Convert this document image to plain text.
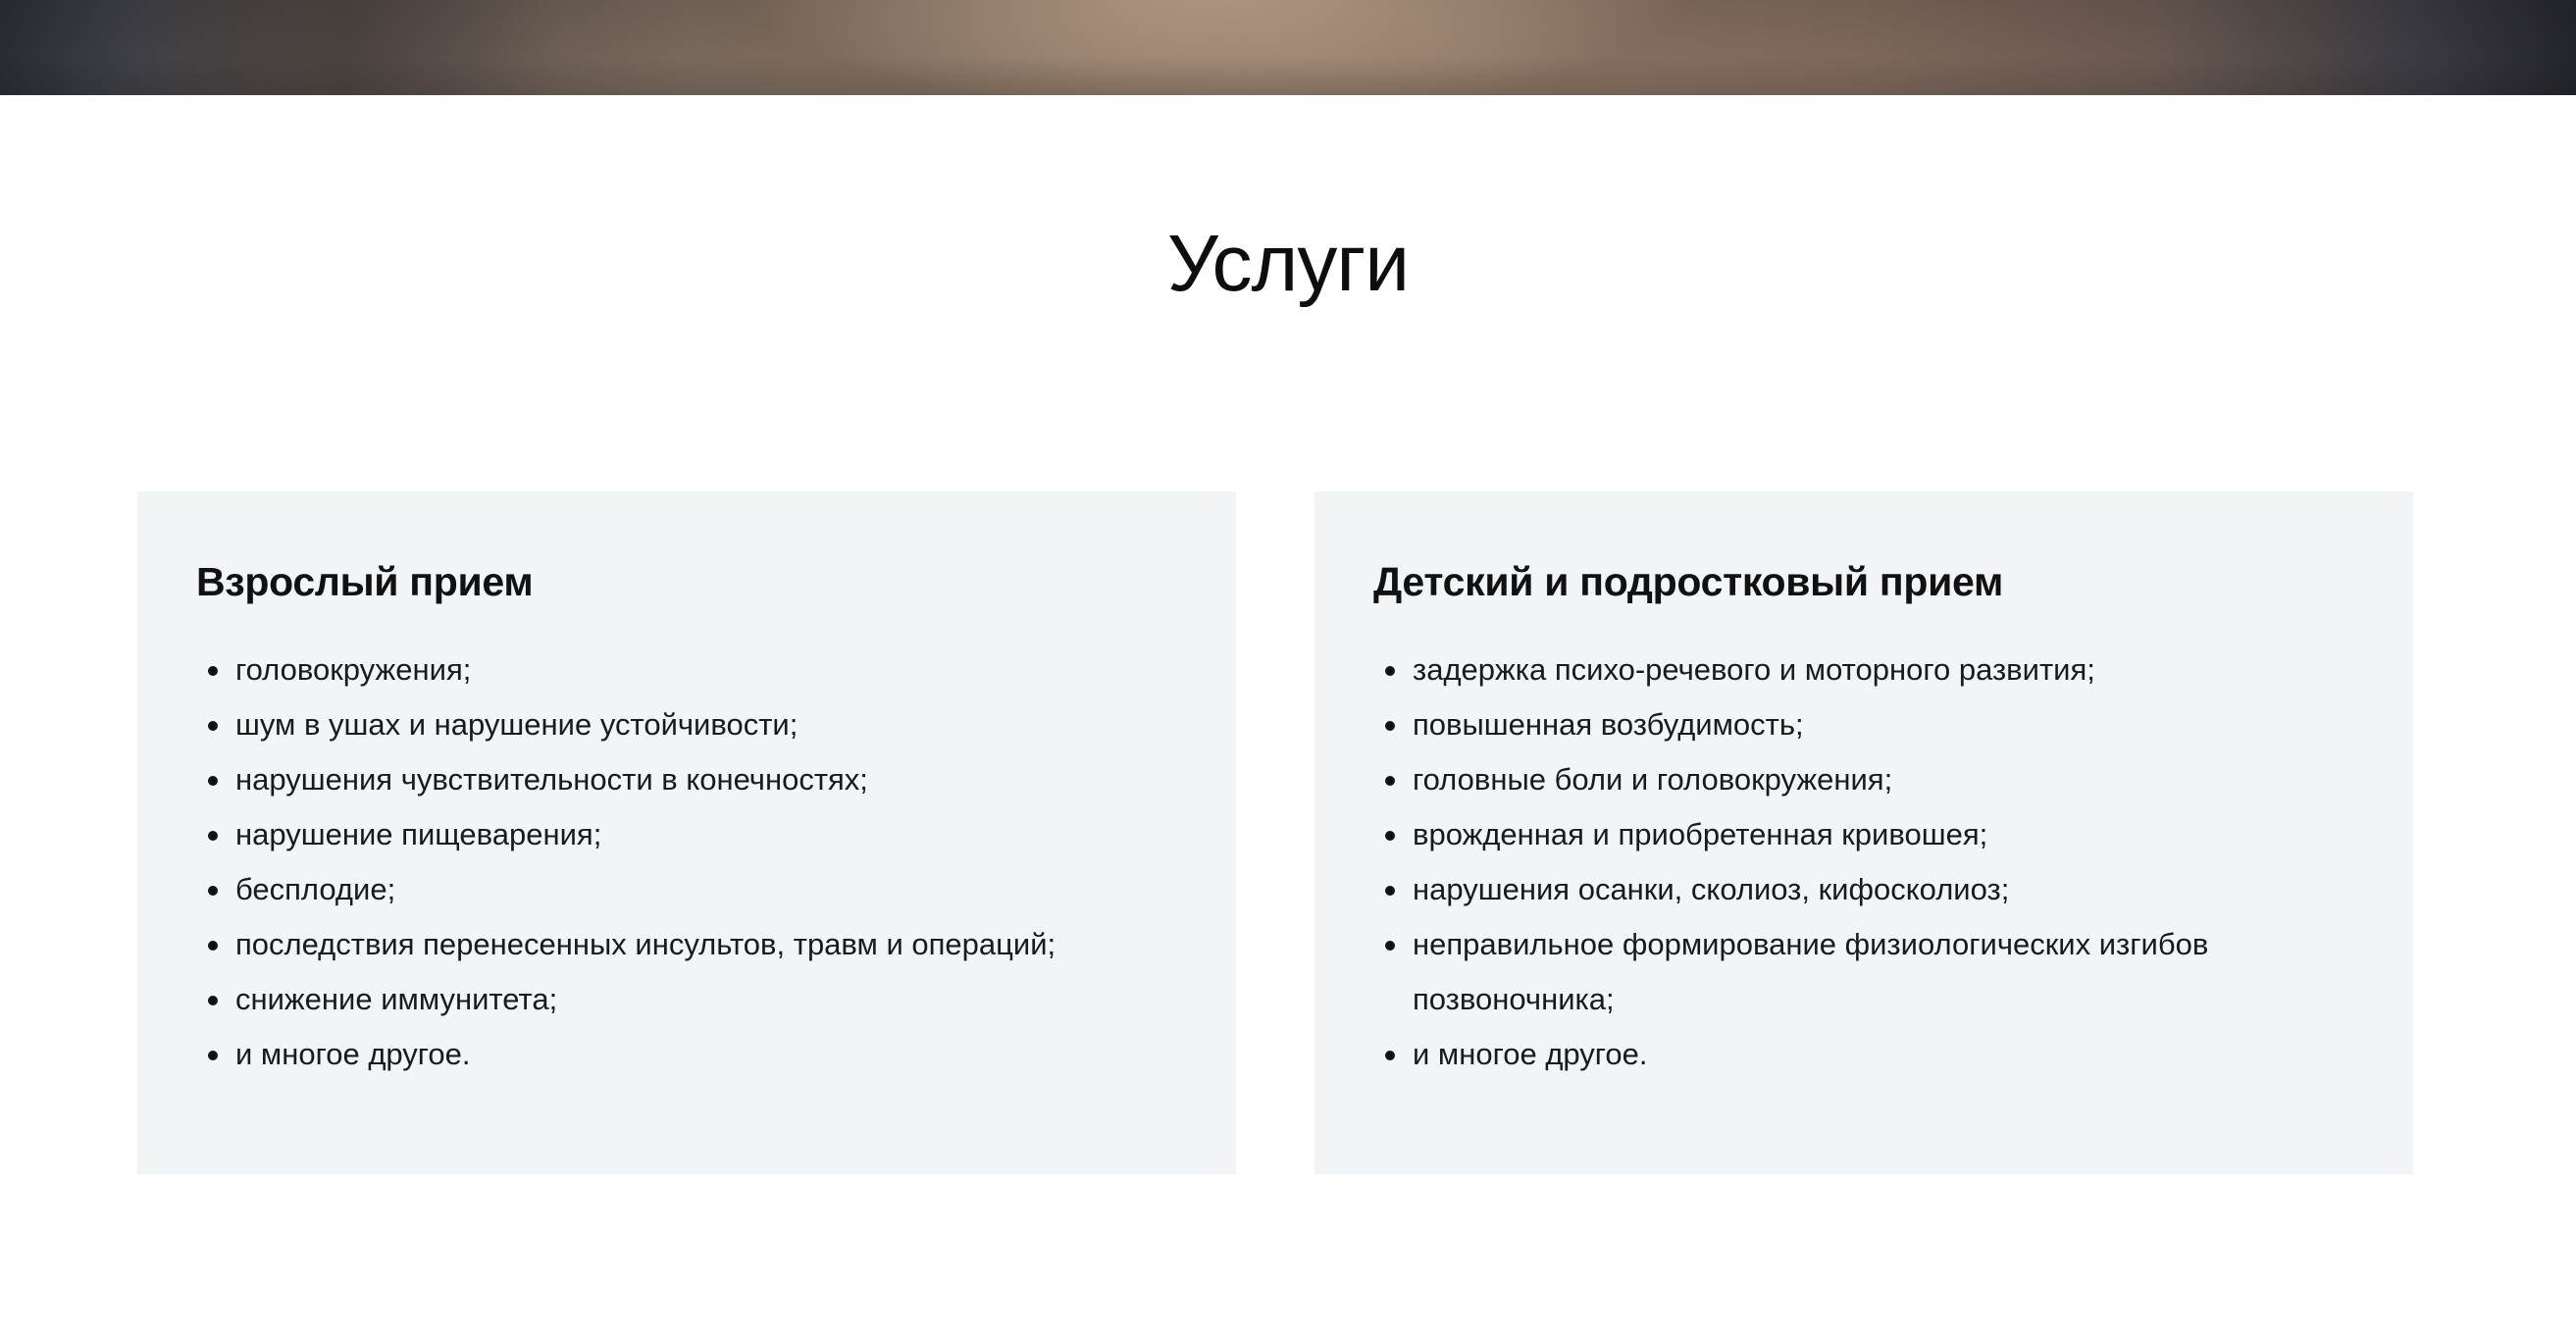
Услуги
Взрослый прием
головокружения;
шум в ушах и нарушение устойчивости;
нарушения чувствительности в конечностях;
нарушение пищеварения;
бесплодие;
последствия перенесенных инсультов, травм и операций;
снижение иммунитета;
и многое другое.
Детский и подростковый прием
задержка психо-речевого и моторного развития;
повышенная возбудимость;
головные боли и головокружения;
врожденная и приобретенная кривошея;
нарушения осанки, сколиоз, кифосколиоз;
неправильное формирование физиологических изгибов позвоночника;
и многое другое.
